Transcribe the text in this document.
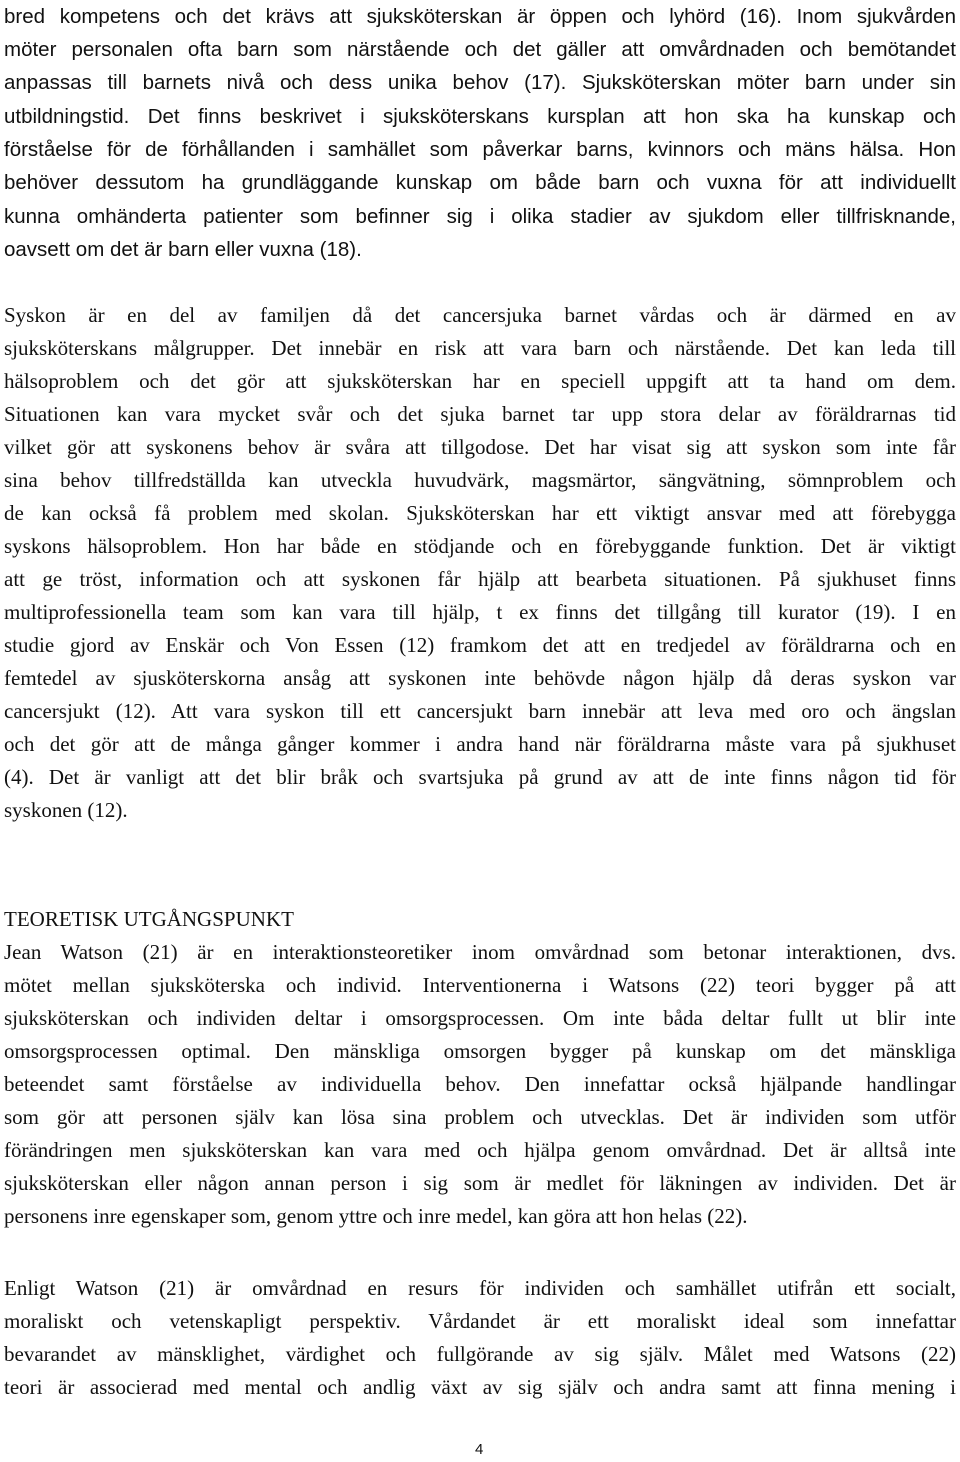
bred kompetens och det krävs att sjuksköterskan är öppen och lyhörd (16). Inom sjukvården
möter personalen ofta barn som närstående och det gäller att omvårdnaden och bemötandet
anpassas till barnets nivå och dess unika behov (17). Sjuksköterskan möter barn under sin
utbildningstid. Det finns beskrivet i sjuksköterskans kursplan att hon ska ha kunskap och
förståelse för de förhållanden i samhället som påverkar barns, kvinnors och mäns hälsa. Hon
behöver dessutom ha grundläggande kunskap om både barn och vuxna för att individuellt
kunna omhänderta patienter som befinner sig i olika stadier av sjukdom eller tillfrisknande,
oavsett om det är barn eller vuxna (18).
Syskon är en del av familjen då det cancersjuka barnet vårdas och är därmed en av
sjuksköterskans målgrupper. Det innebär en risk att vara barn och närstående. Det kan leda till
hälsoproblem och det gör att sjuksköterskan har en speciell uppgift att ta hand om dem.
Situationen kan vara mycket svår och det sjuka barnet tar upp stora delar av föräldrarnas tid
vilket gör att syskonens behov är svåra att tillgodose. Det har visat sig att syskon som inte får
sina behov tillfredställda kan utveckla huvudvärk, magsmärtor, sängvätning, sömnproblem och
de kan också få problem med skolan. Sjuksköterskan har ett viktigt ansvar med att förebygga
syskons hälsoproblem. Hon har både en stödjande och en förebyggande funktion. Det är viktigt
att ge tröst, information och att syskonen får hjälp att bearbeta situationen. På sjukhuset finns
multiprofessionella team som kan vara till hjälp, t ex finns det tillgång till kurator (19). I en
studie gjord av Enskär och Von Essen (12) framkom det att en tredjedel av föräldrarna och en
femtedel av sjusköterskorna ansåg att syskonen inte behövde någon hjälp då deras syskon var
cancersjukt (12). Att vara syskon till ett cancersjukt barn innebär att leva med oro och ängslan
och det gör att de många gånger kommer i andra hand när föräldrarna måste vara på sjukhuset
(4). Det är vanligt att det blir bråk och svartsjuka på grund av att de inte finns någon tid för
syskonen (12).
TEORETISK UTGÅNGSPUNKT
Jean Watson (21) är en interaktionsteoretiker inom omvårdnad som betonar interaktionen, dvs.
mötet mellan sjuksköterska och individ. Interventionerna i Watsons (22) teori bygger på att
sjuksköterskan och individen deltar i omsorgsprocessen. Om inte båda deltar fullt ut blir inte
omsorgsprocessen optimal. Den mänskliga omsorgen bygger på kunskap om det mänskliga
beteendet samt förståelse av individuella behov. Den innefattar också hjälpande handlingar
som gör att personen själv kan lösa sina problem och utvecklas. Det är individen som utför
förändringen men sjuksköterskan kan vara med och hjälpa genom omvårdnad. Det är alltså inte
sjuksköterskan eller någon annan person i sig som är medlet för läkningen av individen. Det är
personens inre egenskaper som, genom yttre och inre medel, kan göra att hon helas (22).
Enligt Watson (21) är omvårdnad en resurs för individen och samhället utifrån ett socialt,
moraliskt och vetenskapligt perspektiv. Vårdandet är ett moraliskt ideal som innefattar
bevarandet av mänsklighet, värdighet och fullgörande av sig själv. Målet med Watsons (22)
teori är associerad med mental och andlig växt av sig själv och andra samt att finna mening i
4
